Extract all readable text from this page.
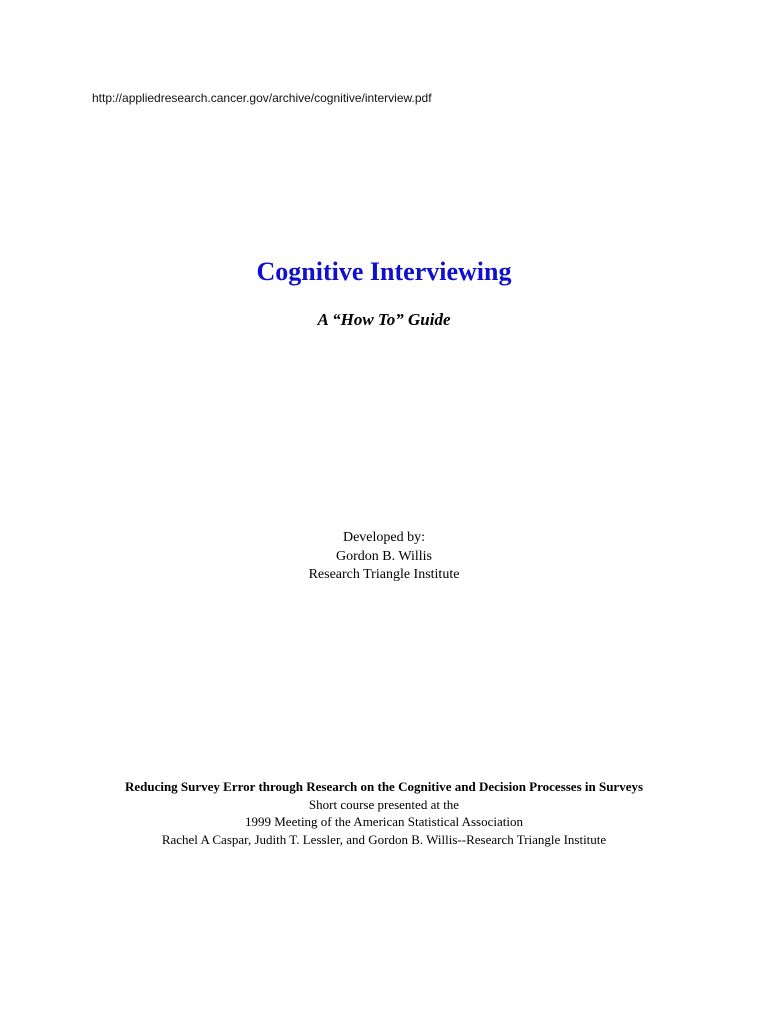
http://appliedresearch.cancer.gov/archive/cognitive/interview.pdf
Cognitive Interviewing
A “How To” Guide
Developed by:
Gordon B. Willis
Research Triangle Institute
Reducing Survey Error through Research on the Cognitive and Decision Processes in Surveys
Short course presented at the
1999 Meeting of the American Statistical Association
Rachel A Caspar, Judith T. Lessler, and Gordon B. Willis--Research Triangle Institute
